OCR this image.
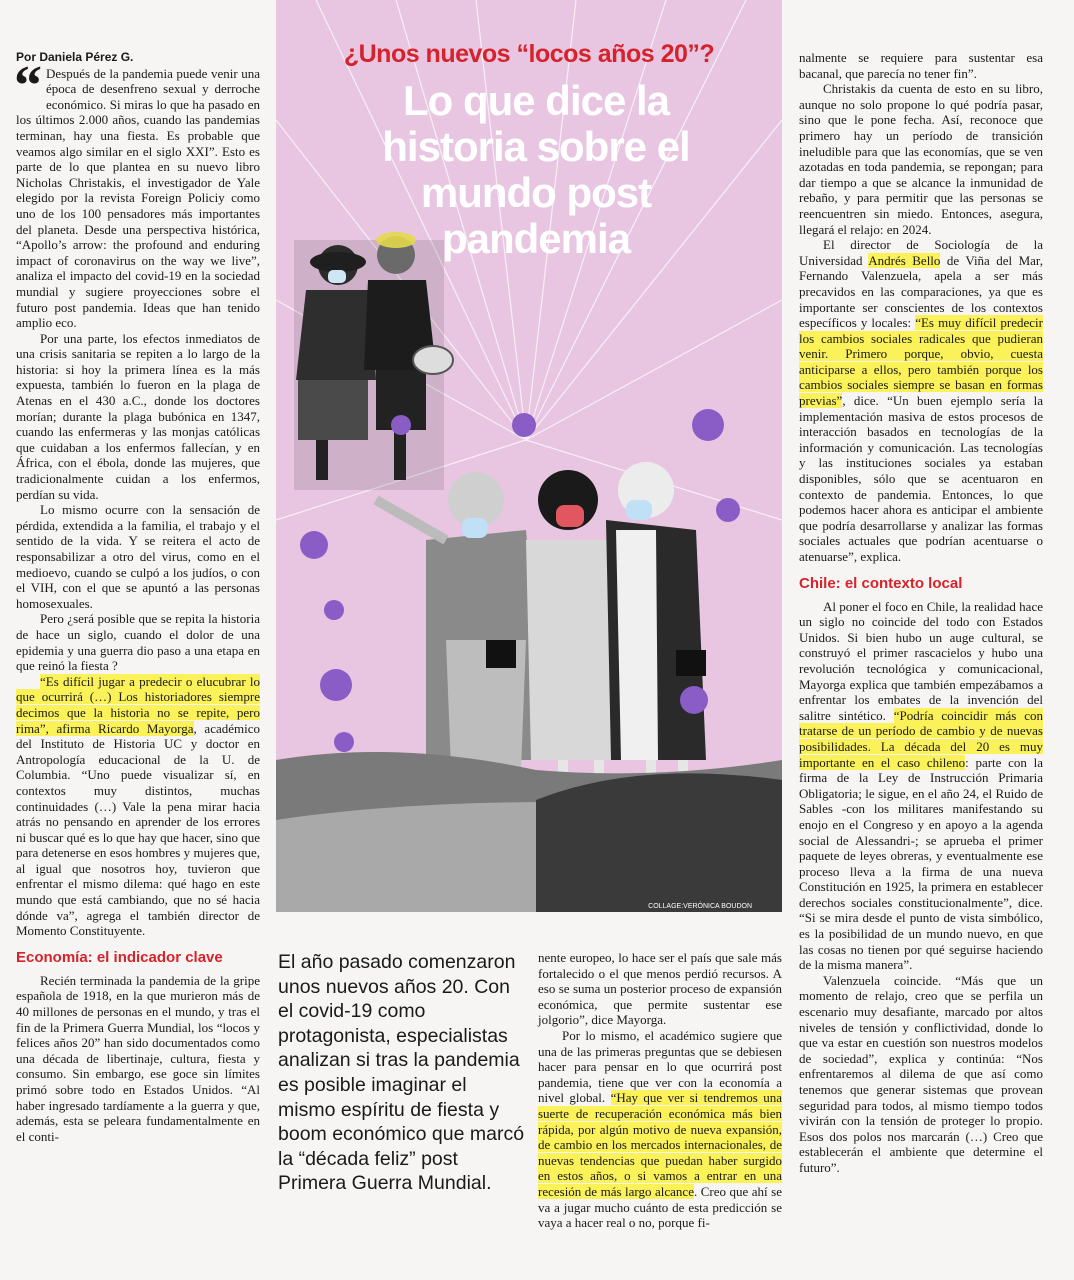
Por Daniela Pérez G.

“ Después de la pandemia puede venir una época de desenfreno sexual y derroche económico. Si miras lo que ha pasado en los últimos 2.000 años, cuando las pandemias terminan, hay una fiesta. Es probable que veamos algo similar en el siglo XXI”. Esto es parte de lo que plantea en su nuevo libro Nicholas Christakis, el investigador de Yale elegido por la revista Foreign Policiy como uno de los 100 pensadores más importantes del planeta. Desde una perspectiva histórica, “Apollo’s arrow: the profound and enduring impact of coronavirus on the way we live”, analiza el impacto del covid-19 en la sociedad mundial y sugiere proyecciones sobre el futuro post pandemia. Ideas que han tenido amplio eco.

Por una parte, los efectos inmediatos de una crisis sanitaria se repiten a lo largo de la historia: si hoy la primera línea es la más expuesta, también lo fueron en la plaga de Atenas en el 430 a.C., donde los doctores morían; durante la plaga bubónica en 1347, cuando las enfermeras y las monjas católicas que cuidaban a los enfermos fallecían, y en África, con el ébola, donde las mujeres, que tradicionalmente cuidan a los enfermos, perdían su vida.

Lo mismo ocurre con la sensación de pérdida, extendida a la familia, el trabajo y el sentido de la vida. Y se reitera el acto de responsabilizar a otro del virus, como en el medioevo, cuando se culpó a los judíos, o con el VIH, con el que se apuntó a las personas homosexuales.

Pero ¿será posible que se repita la historia de hace un siglo, cuando el dolor de una epidemia y una guerra dio paso a una etapa en que reinó la fiesta ?

“Es difícil jugar a predecir o elucubrar lo que ocurrirá (…) Los historiadores siempre decimos que la historia no se repite, pero rima”, afirma Ricardo Mayorga, académico del Instituto de Historia UC y doctor en Antropología educacional de la U. de Columbia. “Uno puede visualizar sí, en contextos muy distintos, muchas continuidades (…) Vale la pena mirar hacia atrás no pensando en aprender de los errores ni buscar qué es lo que hay que hacer, sino que para detenerse en esos hombres y mujeres que, al igual que nosotros hoy, tuvieron que enfrentar el mismo dilema: qué hago en este mundo que está cambiando, que no sé hacia dónde va”, agrega el también director de Momento Constituyente.

Economía: el indicador clave

Recién terminada la pandemia de la gripe española de 1918, en la que murieron más de 40 millones de personas en el mundo, y tras el fin de la Primera Guerra Mundial, los “locos y felices años 20” han sido documentados como una década de libertinaje, cultura, fiesta y consumo. Sin embargo, ese goce sin límites primó sobre todo en Estados Unidos. “Al haber ingresado tardíamente a la guerra y que, además, esta se peleara fundamentalmente en el conti-

¿Unos nuevos “locos años 20”?
Lo que dice la historia sobre el mundo post pandemia
COLLAGE:VERÓNICA BOUDON
El año pasado comenzaron unos nuevos años 20. Con el covid-19 como protagonista, especialistas analizan si tras la pandemia es posible imaginar el mismo espíritu de fiesta y boom económico que marcó la “década feliz” post Primera Guerra Mundial.

nente europeo, lo hace ser el país que sale más fortalecido o el que menos perdió recursos. A eso se suma un posterior proceso de expansión económica, que permite sustentar ese jolgorio”, dice Mayorga.

Por lo mismo, el académico sugiere que una de las primeras preguntas que se debiesen hacer para pensar en lo que ocurrirá post pandemia, tiene que ver con la economía a nivel global. “Hay que ver si tendremos una suerte de recuperación económica más bien rápida, por algún motivo de nueva expansión, de cambio en los mercados internacionales, de nuevas tendencias que puedan haber surgido en estos años, o si vamos a entrar en una recesión de más largo alcance. Creo que ahí se va a jugar mucho cuánto de esta predicción se vaya a hacer real o no, porque fi-

nalmente se requiere para sustentar esa bacanal, que parecía no tener fin”.

Christakis da cuenta de esto en su libro, aunque no solo propone lo qué podría pasar, sino que le pone fecha. Así, reconoce que primero hay un período de transición ineludible para que las economías, que se ven azotadas en toda pandemia, se repongan; para dar tiempo a que se alcance la inmunidad de rebaño, y para permitir que las personas se reencuentren sin miedo. Entonces, asegura, llegará el relajo: en 2024.

El director de Sociología de la Universidad Andrés Bello de Viña del Mar, Fernando Valenzuela, apela a ser más precavidos en las comparaciones, ya que es importante ser conscientes de los contextos específicos y locales: “Es muy difícil predecir los cambios sociales radicales que pudieran venir. Primero porque, obvio, cuesta anticiparse a ellos, pero también porque los cambios sociales siempre se basan en formas previas”, dice. “Un buen ejemplo sería la implementación masiva de estos procesos de interacción basados en tecnologías de la información y comunicación. Las tecnologías y las instituciones sociales ya estaban disponibles, sólo que se acentuaron en contexto de pandemia. Entonces, lo que podemos hacer ahora es anticipar el ambiente que podría desarrollarse y analizar las formas sociales actuales que podrían acentuarse o atenuarse”, explica.

Chile: el contexto local

Al poner el foco en Chile, la realidad hace un siglo no coincide del todo con Estados Unidos. Si bien hubo un auge cultural, se construyó el primer rascacielos y hubo una revolución tecnológica y comunicacional, Mayorga explica que también empezábamos a enfrentar los embates de la invención del salitre sintético. “Podría coincidir más con tratarse de un período de cambio y de nuevas posibilidades. La década del 20 es muy importante en el caso chileno: parte con la firma de la Ley de Instrucción Primaria Obligatoria; le sigue, en el año 24, el Ruido de Sables -con los militares manifestando su enojo en el Congreso y en apoyo a la agenda social de Alessandri-; se aprueba el primer paquete de leyes obreras, y eventualmente ese proceso lleva a la firma de una nueva Constitución en 1925, la primera en establecer derechos sociales constitucionalmente”, dice. “Si se mira desde el punto de vista simbólico, es la posibilidad de un mundo nuevo, en que las cosas no tienen por qué seguirse haciendo de la misma manera”.

Valenzuela coincide. “Más que un momento de relajo, creo que se perfila un escenario muy desafiante, marcado por altos niveles de tensión y conflictividad, donde lo que va estar en cuestión son nuestros modelos de sociedad”, explica y continúa: “Nos enfrentaremos al dilema de que así como tenemos que generar sistemas que provean seguridad para todos, al mismo tiempo todos vivirán con la tensión de proteger lo propio. Esos dos polos nos marcarán (…) Creo que establecerán el ambiente que determine el futuro”.
